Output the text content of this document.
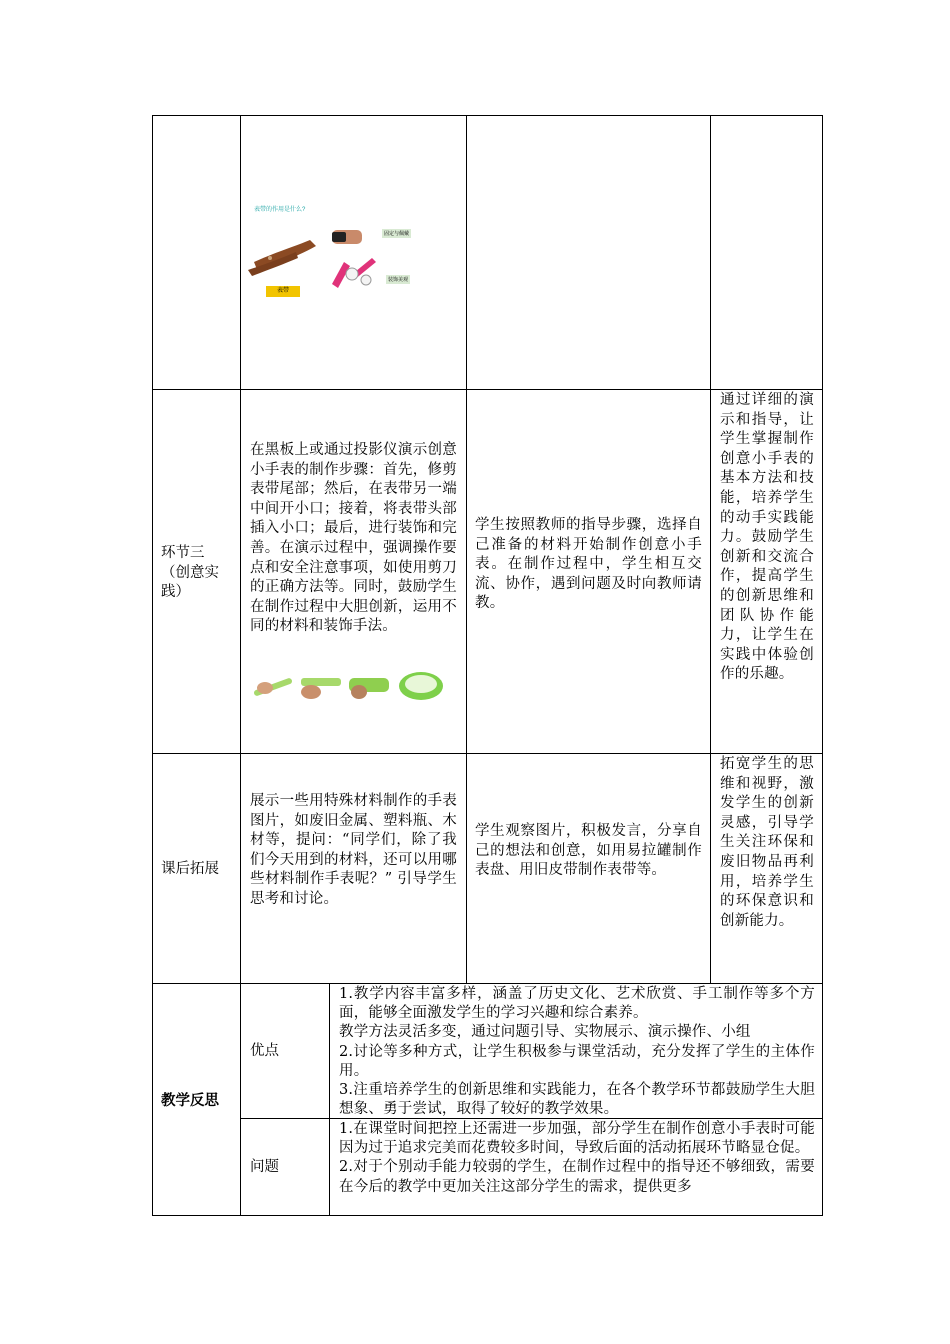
表带的作用是什么?
固定与佩戴
装饰美观
表带
环节三（创意实践）
在黑板上或通过投影仪演示创意小手表的制作步骤：首先，修剪表带尾部；然后，在表带另一端中间开小口；接着，将表带头部插入小口；最后，进行装饰和完善。在演示过程中，强调操作要点和安全注意事项，如使用剪刀的正确方法等。同时，鼓励学生在制作过程中大胆创新，运用不同的材料和装饰手法。
学生按照教师的指导步骤，选择自己准备的材料开始制作创意小手表。在制作过程中，学生相互交流、协作，遇到问题及时向教师请教。
通过详细的演示和指导，让学生掌握制作创意小手表的基本方法和技能，培养学生的动手实践能力。鼓励学生创新和交流合作，提高学生的创新思维和团队协作能力，让学生在实践中体验创作的乐趣。
课后拓展
展示一些用特殊材料制作的手表图片，如废旧金属、塑料瓶、木材等，提问：“同学们，除了我们今天用到的材料，还可以用哪些材料制作手表呢？” 引导学生思考和讨论。
学生观察图片，积极发言，分享自己的想法和创意，如用易拉罐制作表盘、用旧皮带制作表带等。
拓宽学生的思维和视野，激发学生的创新灵感，引导学生关注环保和废旧物品再利用，培养学生的环保意识和创新能力。
教学反思
优点
1.教学内容丰富多样，涵盖了历史文化、艺术欣赏、手工制作等多个方面，能够全面激发学生的学习兴趣和综合素养。
教学方法灵活多变，通过问题引导、实物展示、演示操作、小组
2.讨论等多种方式，让学生积极参与课堂活动，充分发挥了学生的主体作用。
3.注重培养学生的创新思维和实践能力，在各个教学环节都鼓励学生大胆想象、勇于尝试，取得了较好的教学效果。
问题
1.在课堂时间把控上还需进一步加强，部分学生在制作创意小手表时可能因为过于追求完美而花费较多时间，导致后面的活动拓展环节略显仓促。
2.对于个别动手能力较弱的学生，在制作过程中的指导还不够细致，需要在今后的教学中更加关注这部分学生的需求，提供更多
